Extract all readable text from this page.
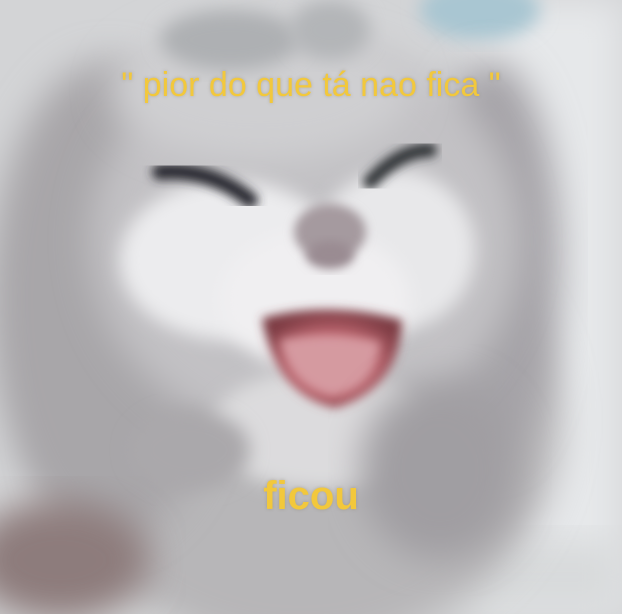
" pior do que tá nao fica "
ficou
